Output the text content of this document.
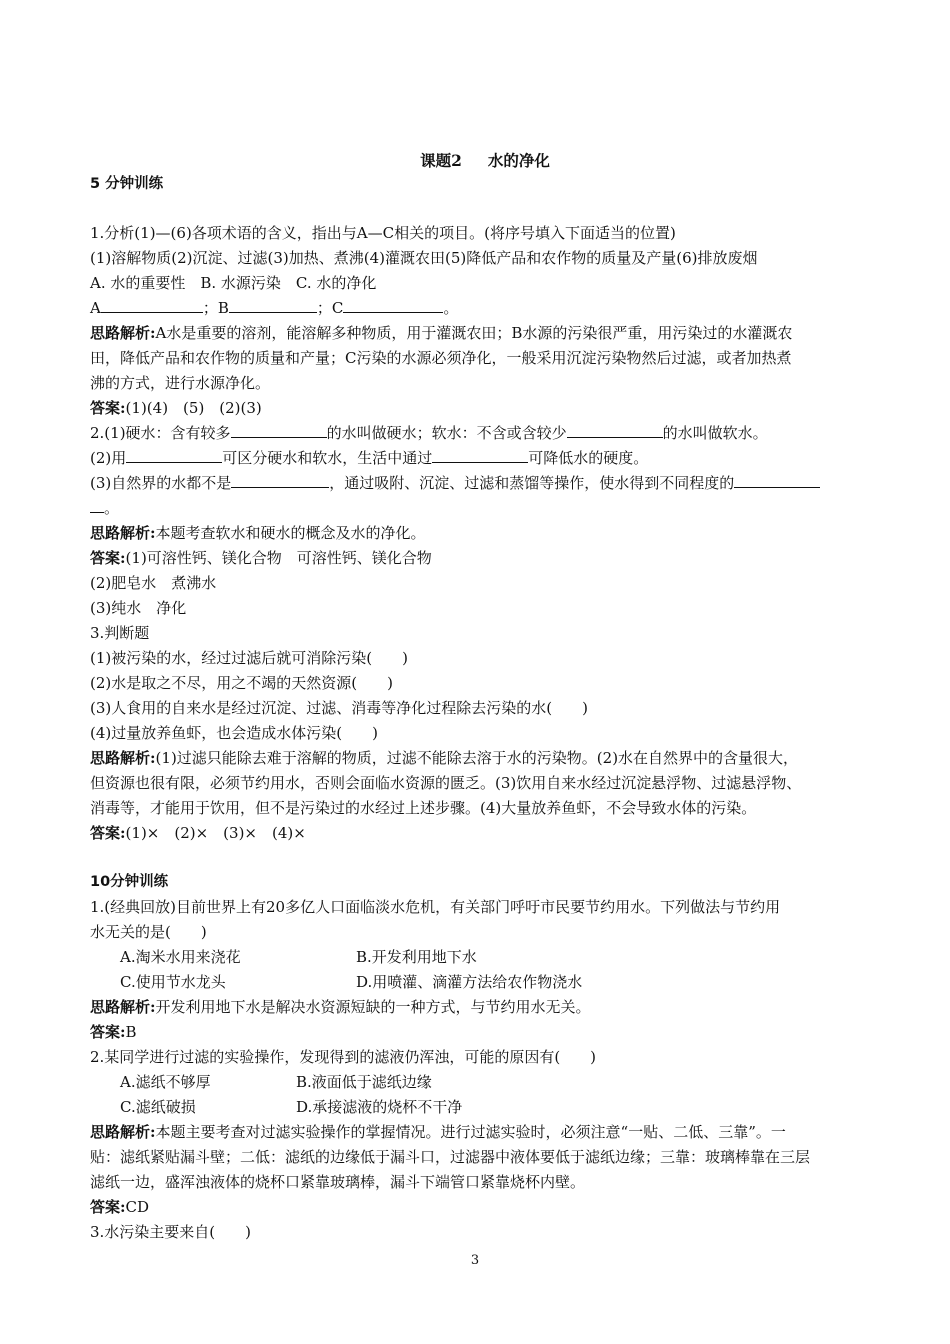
课题2 水的净化
5 分钟训练
1.分析(1)—(6)各项术语的含义，指出与A—C相关的项目。(将序号填入下面适当的位置)
(1)溶解物质(2)沉淀、过滤(3)加热、煮沸(4)灌溉农田(5)降低产品和农作物的质量及产量(6)排放废烟
A. 水的重要性　B. 水源污染　C. 水的净化
A	；B	；C	。
思路解析:A水是重要的溶剂，能溶解多种物质，用于灌溉农田；B水源的污染很严重，用污染过的水灌溉农
田，降低产品和农作物的质量和产量；C污染的水源必须净化，一般采用沉淀污染物然后过滤，或者加热煮
沸的方式，进行水源净化。
答案:(1)(4)　(5)　(2)(3)
2.(1)硬水：含有较多	的水叫做硬水；软水：不含或含较少	的水叫做软水。
(2)用	可区分硬水和软水，生活中通过	可降低水的硬度。
(3)自然界的水都不是	，通过吸附、沉淀、过滤和蒸馏等操作，使水得到不同程度的
。
思路解析:本题考查软水和硬水的概念及水的净化。
答案:(1)可溶性钙、镁化合物　可溶性钙、镁化合物
(2)肥皂水　煮沸水
(3)纯水　净化
3.判断题
(1)被污染的水，经过过滤后就可消除污染(　　)
(2)水是取之不尽，用之不竭的天然资源(　　)
(3)人食用的自来水是经过沉淀、过滤、消毒等净化过程除去污染的水(　　)
(4)过量放养鱼虾，也会造成水体污染(　　)
思路解析:(1)过滤只能除去难于溶解的物质，过滤不能除去溶于水的污染物。(2)水在自然界中的含量很大，
但资源也很有限，必须节约用水，否则会面临水资源的匮乏。(3)饮用自来水经过沉淀悬浮物、过滤悬浮物、
消毒等，才能用于饮用，但不是污染过的水经过上述步骤。(4)大量放养鱼虾，不会导致水体的污染。
答案:(1)×　(2)×　(3)×　(4)×
10分钟训练
1.(经典回放)目前世界上有20多亿人口面临淡水危机，有关部门呼吁市民要节约用水。下列做法与节约用
水无关的是(　　)
A.淘米水用来浇花	B.开发利用地下水
C.使用节水龙头	D.用喷灌、滴灌方法给农作物浇水
思路解析:开发利用地下水是解决水资源短缺的一种方式，与节约用水无关。
答案:B
2.某同学进行过滤的实验操作，发现得到的滤液仍浑浊，可能的原因有(　　)
A.滤纸不够厚	B.液面低于滤纸边缘
C.滤纸破损	D.承接滤液的烧杯不干净
思路解析:本题主要考查对过滤实验操作的掌握情况。进行过滤实验时，必须注意“一贴、二低、三靠”。一
贴：滤纸紧贴漏斗壁；二低：滤纸的边缘低于漏斗口，过滤器中液体要低于滤纸边缘；三靠：玻璃棒靠在三层
滤纸一边，盛浑浊液体的烧杯口紧靠玻璃棒，漏斗下端管口紧靠烧杯内壁。
答案:CD
3.水污染主要来自(　　)
3
